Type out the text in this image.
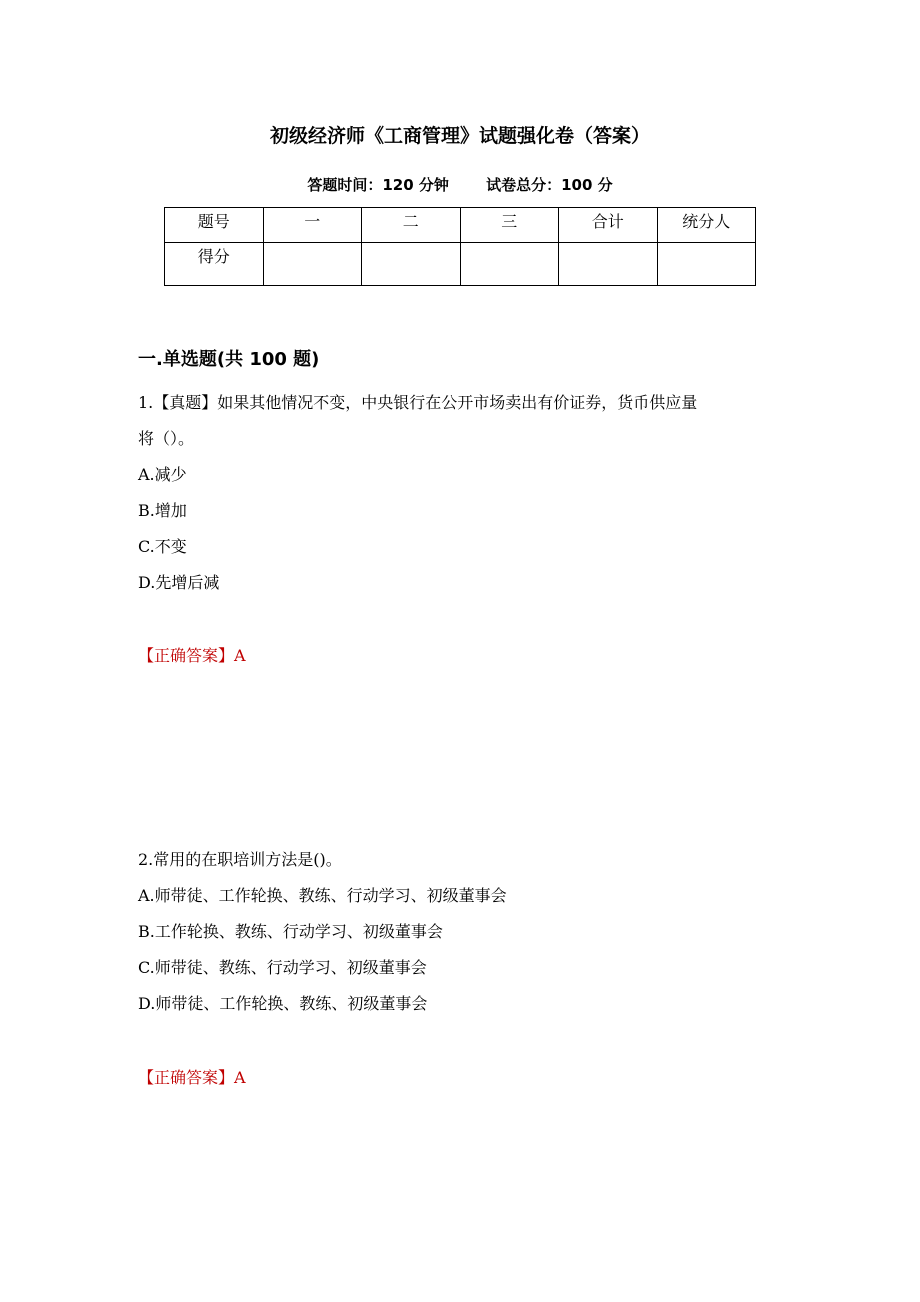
初级经济师《工商管理》试题强化卷（答案）
答题时间：120 分钟 试卷总分：100 分
题号	一	二	三	合计	统分人
得分					
一.单选题(共 100 题)
1.【真题】如果其他情况不变，中央银行在公开市场卖出有价证券，货币供应量
将（）。
A.减少
B.增加
C.不变
D.先增后减
【正确答案】A
2.常用的在职培训方法是()。
A.师带徒、工作轮换、教练、行动学习、初级董事会
B.工作轮换、教练、行动学习、初级董事会
C.师带徒、教练、行动学习、初级董事会
D.师带徒、工作轮换、教练、初级董事会
【正确答案】A
